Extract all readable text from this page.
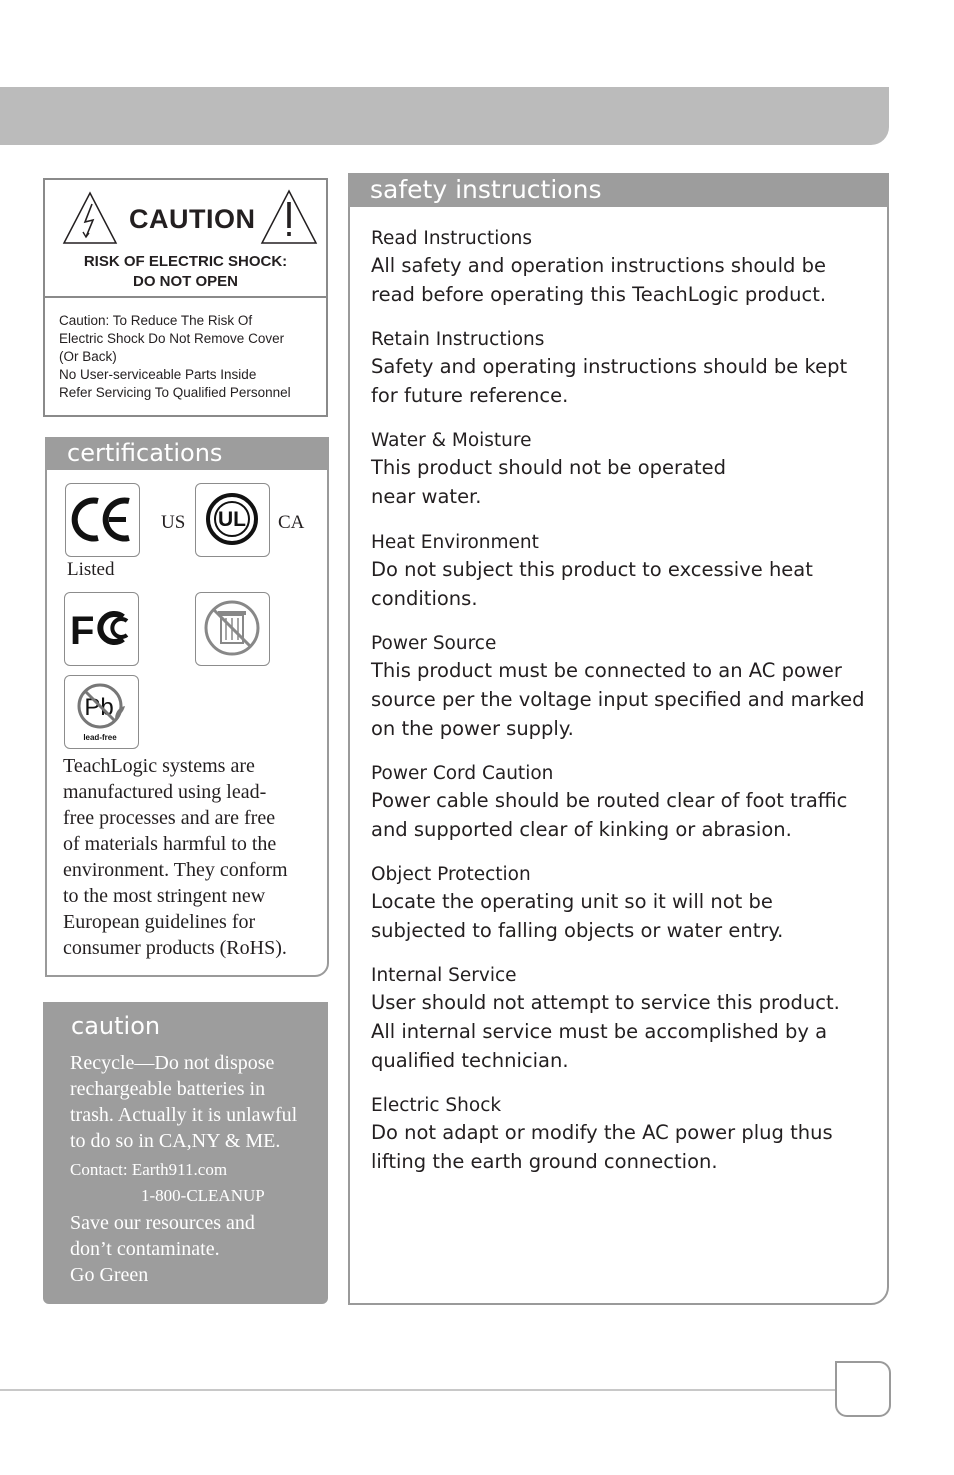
CAUTION
RISK OF ELECTRIC SHOCK:
DO NOT OPEN
Caution: To Reduce The Risk Of
Electric Shock Do Not Remove Cover
(Or Back)
No User-serviceable Parts Inside
Refer Servicing To Qualified Personnel
certifications
US UL CA
Listed
F
Pb
lead-free
TeachLogic systems are
manufactured using lead-
free processes and are free
of materials harmful to the
environment. They conform
to the most stringent new
European guidelines for
consumer products (RoHS).
caution
Recycle—Do not dispose
rechargeable batteries in
trash. Actually it is unlawful
to do so in CA,NY & ME.
Contact: Earth911.com
1-800-CLEANUP
Save our resources and
don’t contaminate.
Go Green
safety instructions
Read Instructions
All safety and operation instructions should be
read before operating this TeachLogic product.
Retain Instructions
Safety and operating instructions should be kept
for future reference.
Water & Moisture
This product should not be operated
near water.
Heat Environment
Do not subject this product to excessive heat
conditions.
Power Source
This product must be connected to an AC power
source per the voltage input specified and marked
on the power supply.
Power Cord Caution
Power cable should be routed clear of foot traffic
and supported clear of kinking or abrasion.
Object Protection
Locate the operating unit so it will not be
subjected to falling objects or water entry.
Internal Service
User should not attempt to service this product.
All internal service must be accomplished by a
qualified technician.
Electric Shock
Do not adapt or modify the AC power plug thus
lifting the earth ground connection.
